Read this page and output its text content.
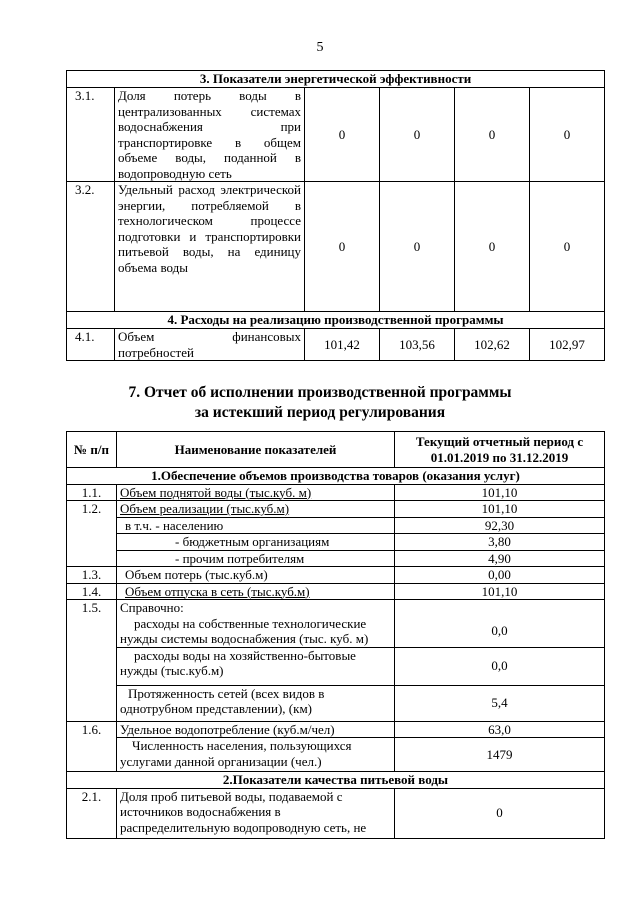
5
3. Показатели энергетической эффективности					
3.1.	Доля потерь воды в централизованных системах водоснабжения при транспортировке в общем объеме воды, поданной в водопроводную сеть	0	0	0	0
3.2.	Удельный расход электрической энергии, потребляемой в технологическом процессе подготовки и транспортировки питьевой воды, на единицу объема воды	0	0	0	0
4. Расходы на реализацию производственной программы					
4.1.	Объем финансовых потребностей	101,42	103,56	102,62	102,97
7. Отчет об исполнении производственной программы
за истекший период регулирования
№ п/п	Наименование показателей	Текущий отчетный период с
01.01.2019 по 31.12.2019

1.Обеспечение объемов производства товаров (оказания услуг)		
1.1.	Объем поднятой воды (тыс.куб. м)	101,10
1.2.	Объем реализации (тыс.куб.м)	101,10
	в т.ч. - населению	92,30
	- бюджетным организациям	3,80
	- прочим потребителям	4,90
1.3.	Объем потерь (тыс.куб.м)	0,00
1.4.	Объем отпуска в сеть (тыс.куб.м)	101,10
1.5.	Справочно:	
	расходы на собственные технологические нужды системы водоснабжения (тыс. куб. м)	0,0
	расходы воды на хозяйственно-бытовые нужды (тыс.куб.м)	0,0
	Протяженность сетей (всех видов в однотрубном представлении), (км)	5,4
1.6.	Удельное водопотребление (куб.м/чел)	63,0
	Численность населения, пользующихся услугами данной организации (чел.)	1479
2.Показатели качества питьевой воды		
2.1.	Доля проб питьевой воды, подаваемой с источников водоснабжения в распределительную водопроводную сеть, не	0
